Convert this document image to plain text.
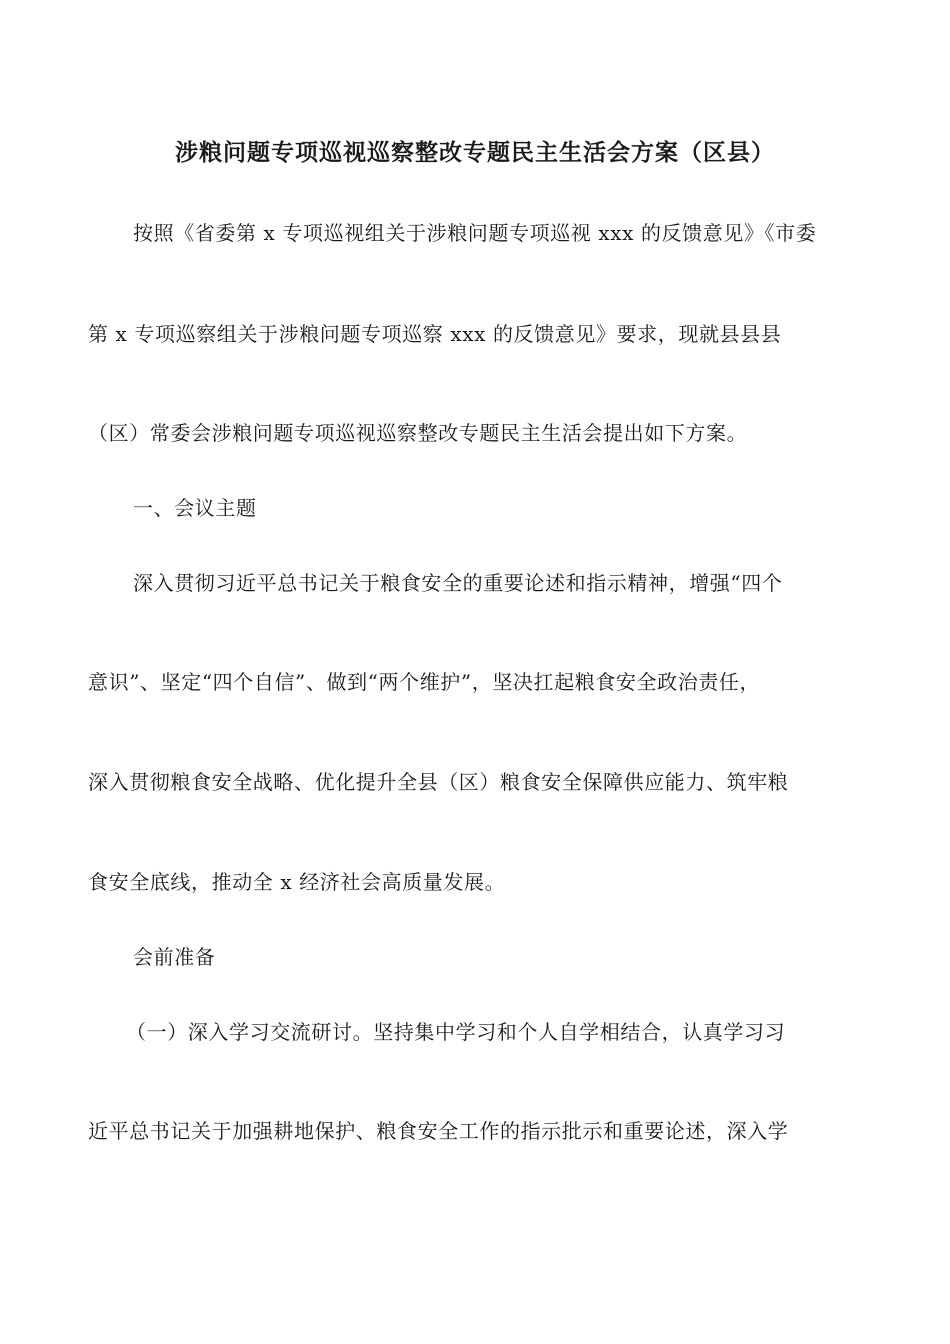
涉粮问题专项巡视巡察整改专题民主生活会方案（区县）
按照《省委第 x 专项巡视组关于涉粮问题专项巡视 xxx 的反馈意见》《市委
第 x 专项巡察组关于涉粮问题专项巡察 xxx 的反馈意见》要求，现就县县县
（区）常委会涉粮问题专项巡视巡察整改专题民主生活会提出如下方案。
一、会议主题
深入贯彻习近平总书记关于粮食安全的重要论述和指示精神，增强“四个
意识”、坚定“四个自信”、做到“两个维护”，坚决扛起粮食安全政治责任，
深入贯彻粮食安全战略、优化提升全县（区）粮食安全保障供应能力、筑牢粮
食安全底线，推动全 x 经济社会高质量发展。
会前准备
（一）深入学习交流研讨。坚持集中学习和个人自学相结合，认真学习习
近平总书记关于加强耕地保护、粮食安全工作的指示批示和重要论述，深入学
